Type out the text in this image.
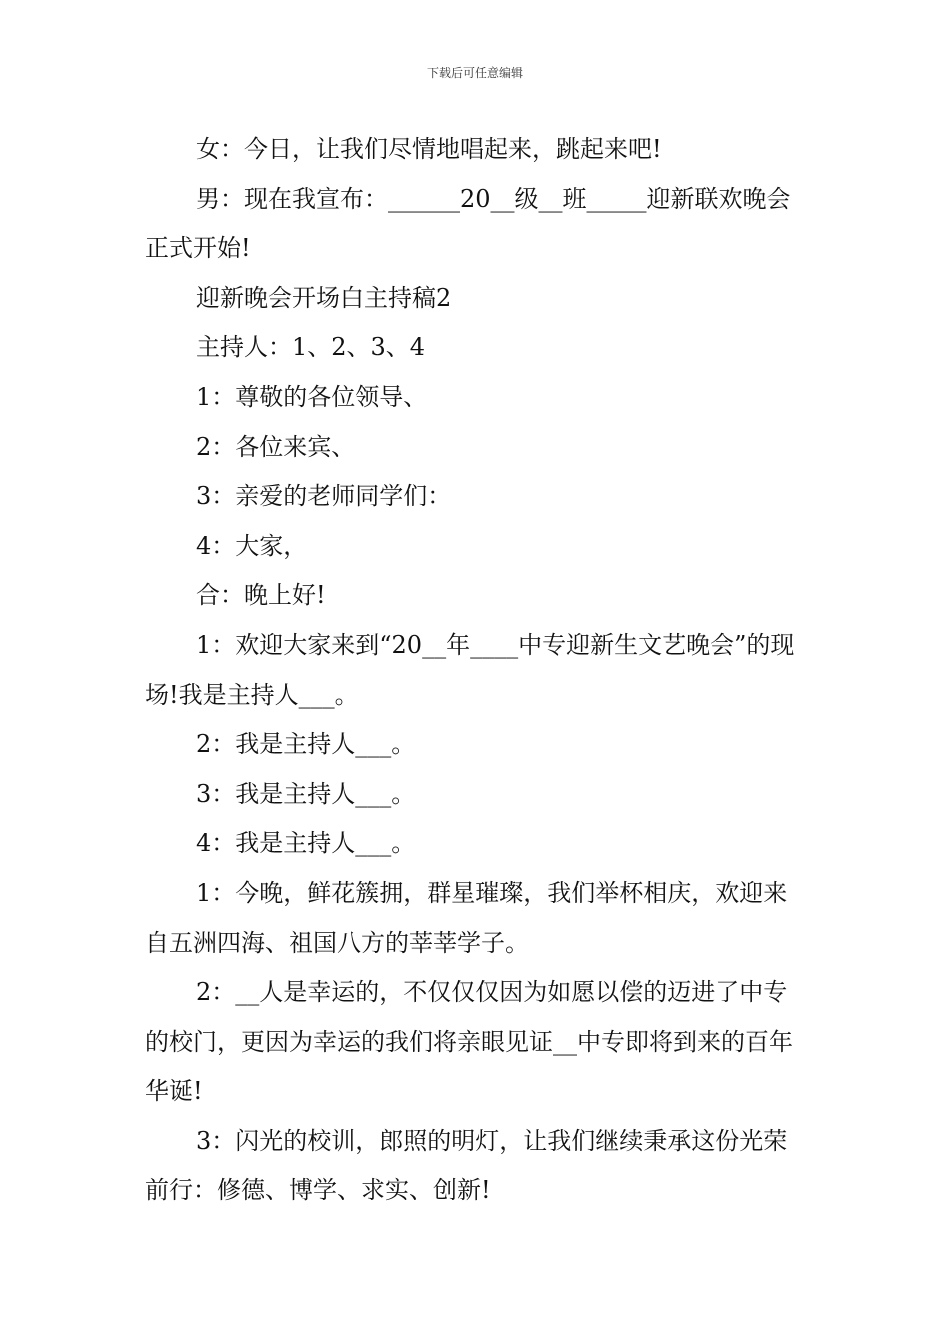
下载后可任意编辑

女：今日，让我们尽情地唱起来，跳起来吧!

男：现在我宣布：______20__级__班_____迎新联欢晚会正式开始!

迎新晚会开场白主持稿2

主持人：1、2、3、4

1：尊敬的各位领导、

2：各位来宾、

3：亲爱的老师同学们：

4：大家，

合：晚上好!

1：欢迎大家来到“20__年____中专迎新生文艺晚会”的现场!我是主持人___。

2：我是主持人___。

3：我是主持人___。

4：我是主持人___。

1：今晚，鲜花簇拥，群星璀璨，我们举杯相庆，欢迎来自五洲四海、祖国八方的莘莘学子。

2：__人是幸运的，不仅仅仅因为如愿以偿的迈进了中专的校门，更因为幸运的我们将亲眼见证__中专即将到来的百年华诞!

3：闪光的校训，郎照的明灯，让我们继续秉承这份光荣前行：修德、博学、求实、创新!
